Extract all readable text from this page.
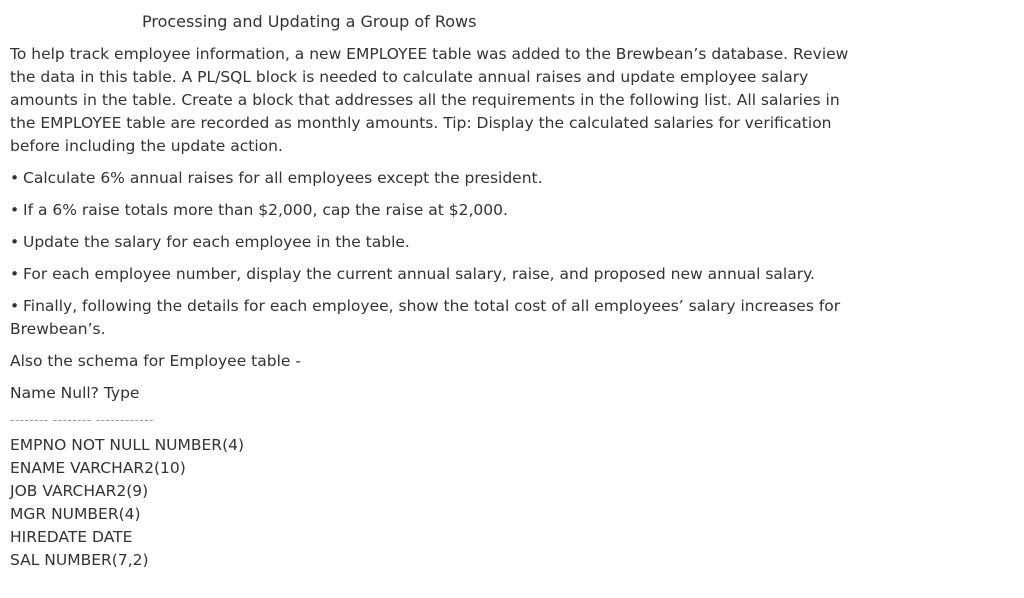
Processing and Updating a Group of Rows

To help track employee information, a new EMPLOYEE table was added to the Brewbean’s database. Review the data in this table. A PL/SQL block is needed to calculate annual raises and update employee salary amounts in the table. Create a block that addresses all the requirements in the following list. All salaries in the EMPLOYEE table are recorded as monthly amounts. Tip: Display the calculated salaries for verification before including the update action.

• Calculate 6% annual raises for all employees except the president.

• If a 6% raise totals more than $2,000, cap the raise at $2,000.

• Update the salary for each employee in the table.

• For each employee number, display the current annual salary, raise, and proposed new annual salary.

• Finally, following the details for each employee, show the total cost of all employees’ salary increases for Brewbean’s.

Also the schema for Employee table -

Name Null? Type

-------- -------- ------------

EMPNO NOT NULL NUMBER(4)

ENAME VARCHAR2(10)

JOB VARCHAR2(9)

MGR NUMBER(4)

HIREDATE DATE

SAL NUMBER(7,2)
